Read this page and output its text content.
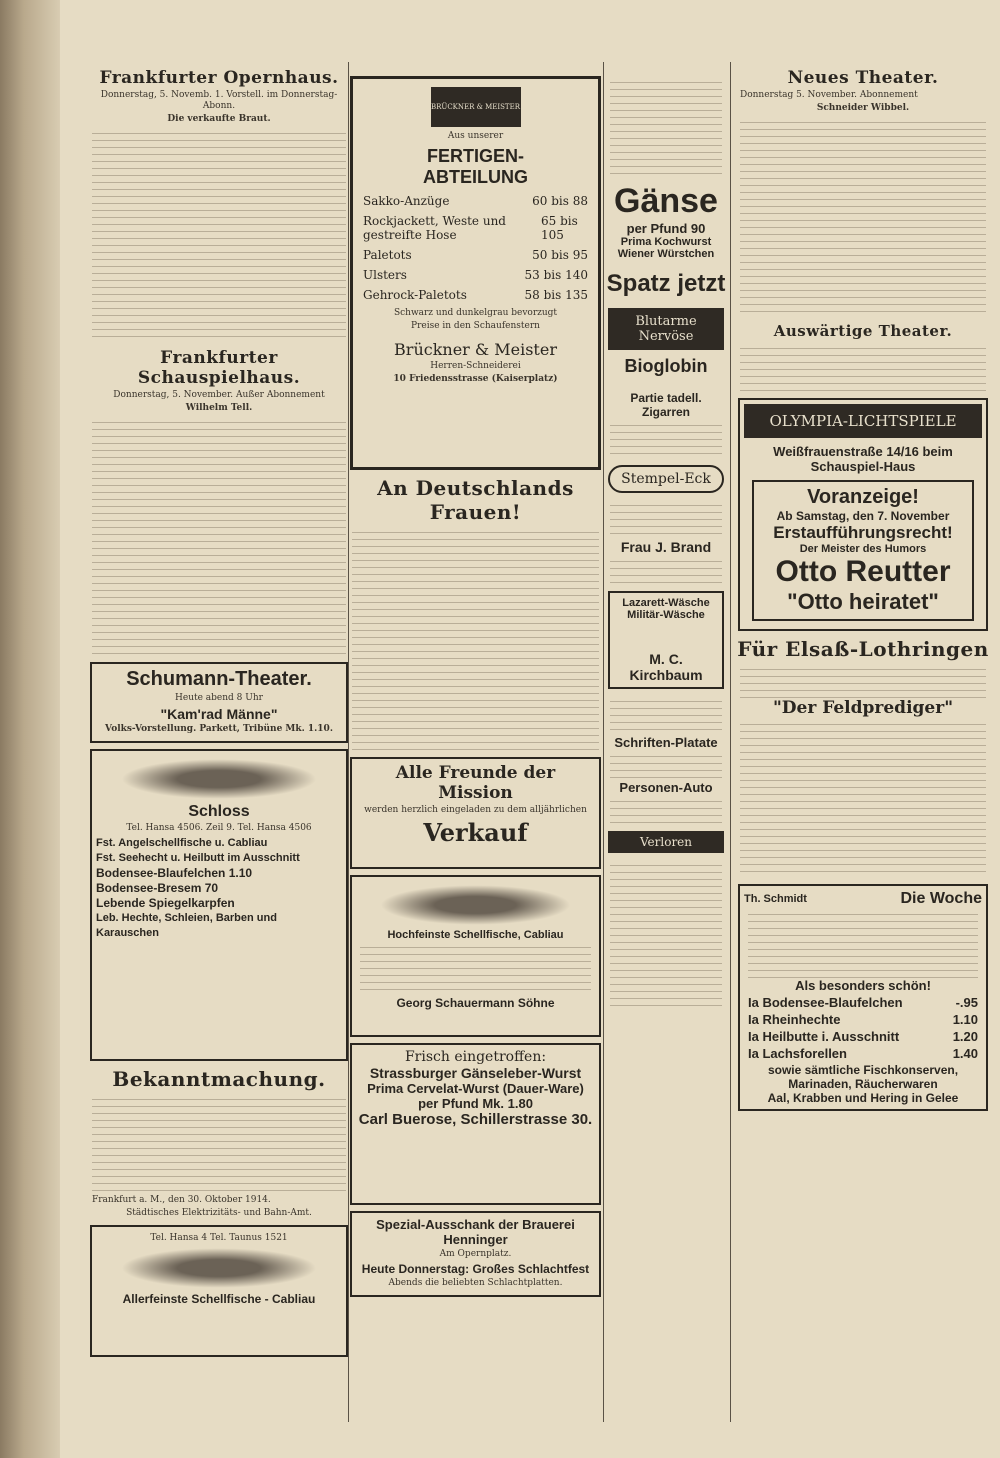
Frankfurter Opernhaus.
Donnerstag, 5. Novemb. 1. Vorstell. im Donnerstag-Abonn.
Die verkaufte Braut.
Frankfurter Schauspielhaus.
Donnerstag, 5. November. Außer Abonnement
Wilhelm Tell.
Schumann-Theater.
Heute abend 8 Uhr
"Kam'rad Männe"
Volks-Vorstellung. Parkett, Tribüne Mk. 1.10.
Schloss
Tel. Hansa 4506. Zeil 9. Tel. Hansa 4506
Fst. Angelschellfische u. Cabliau
Fst. Seehecht u. Heilbutt im Ausschnitt
Bodensee-Blaufelchen 1.10
Bodensee-Bresem 70
Lebende Spiegelkarpfen
Leb. Hechte, Schleien, Barben und Karauschen
Bekanntmachung.
Frankfurt a. M., den 30. Oktober 1914.
Städtisches Elektrizitäts- und Bahn-Amt.
Tel. Hansa 4 Tel. Taunus 1521
Allerfeinste Schellfische - Cabliau
BRÜCKNER & MEISTER
Aus unserer
FERTIGEN-ABTEILUNG
Sakko-Anzüge	60 bis 88
Rockjackett, Weste und gestreifte Hose
65 bis 105
Paletots	50 bis 95
Ulsters	53 bis 140
Gehrock-Paletots	58 bis 135
Schwarz und dunkelgrau bevorzugt
Preise in den Schaufenstern
Brückner & Meister
Herren-Schneiderei
10 Friedensstrasse (Kaiserplatz)
An Deutschlands Frauen!
Alle Freunde der Mission
werden herzlich eingeladen zu dem alljährlichen
Verkauf
Hochfeinste Schellfische, Cabliau
Georg Schauermann Söhne
Frisch eingetroffen:
Strassburger Gänseleber-Wurst
Prima Cervelat-Wurst (Dauer-Ware)
per Pfund Mk. 1.80
Carl Buerose, Schillerstrasse 30.
Spezial-Ausschank der Brauerei Henninger
Am Opernplatz.
Heute Donnerstag: Großes Schlachtfest
Abends die beliebten Schlachtplatten.
Gänse
per Pfund 90
Prima Kochwurst
Wiener Würstchen
Spatz jetzt
Blutarme Nervöse
Bioglobin
Partie tadell. Zigarren
Stempel-Eck
Frau J. Brand
Lazarett-Wäsche Militär-Wäsche
M. C. Kirchbaum
Schriften-Platate
Personen-Auto
Verloren
Neues Theater.
Donnerstag 5. November. Abonnement
Schneider Wibbel.
Auswärtige Theater.
OLYMPIA-LICHTSPIELE
Weißfrauenstraße 14/16 beim Schauspiel-Haus
Voranzeige!
Ab Samstag, den 7. November
Erstaufführungsrecht!
Der Meister des Humors
Otto Reutter
"Otto heiratet"
Für Elsaß-Lothringen
"Der Feldprediger"
Th. Schmidt	Die Woche
Als besonders schön!
Ia Bodensee-Blaufelchen	-.95
Ia Rheinhechte	1.10
Ia Heilbutte i. Ausschnitt	1.20
Ia Lachsforellen	1.40
sowie sämtliche Fischkonserven, Marinaden, Räucherwaren
Aal, Krabben und Hering in Gelee
